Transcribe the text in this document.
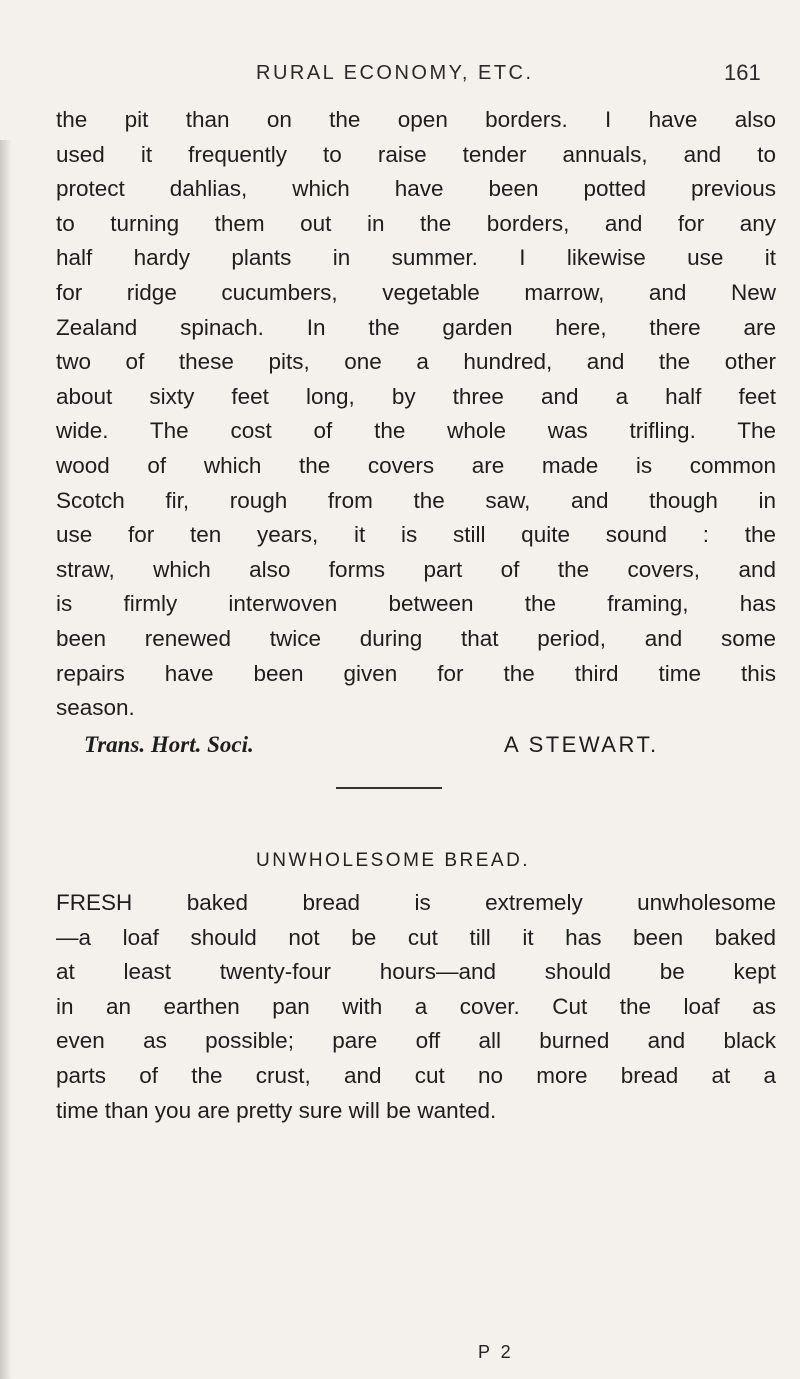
RURAL ECONOMY, ETC.	161
the pit than on the open borders. I have also
used it frequently to raise tender annuals, and to
protect dahlias, which have been potted previous
to turning them out in the borders, and for any
half hardy plants in summer. I likewise use it
for ridge cucumbers, vegetable marrow, and New
Zealand spinach. In the garden here, there are
two of these pits, one a hundred, and the other
about sixty feet long, by three and a half feet
wide. The cost of the whole was trifling. The
wood of which the covers are made is common
Scotch fir, rough from the saw, and though in
use for ten years, it is still quite sound : the
straw, which also forms part of the covers, and
is firmly interwoven between the framing, has
been renewed twice during that period, and some
repairs have been given for the third time this
season.
Trans. Hort. Soci.	A STEWART.
UNWHOLESOME BREAD.
FRESH baked bread is extremely unwholesome
—a loaf should not be cut till it has been baked
at least twenty-four hours—and should be kept
in an earthen pan with a cover. Cut the loaf as
even as possible; pare off all burned and black
parts of the crust, and cut no more bread at a
time than you are pretty sure will be wanted.
P 2
